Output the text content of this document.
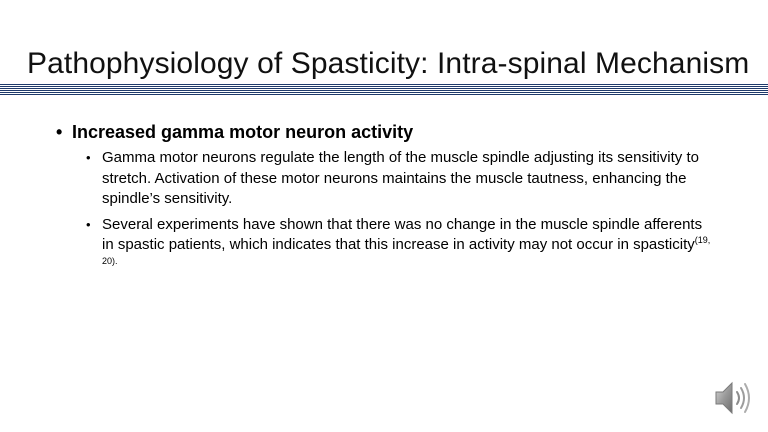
Pathophysiology of Spasticity: Intra-spinal Mechanism
• Increased gamma motor neuron activity
• Gamma motor neurons regulate the length of the muscle spindle adjusting its sensitivity to stretch. Activation of these motor neurons maintains the muscle tautness, enhancing the spindle’s sensitivity.
• Several experiments have shown that there was no change in the muscle spindle afferents in spastic patients, which indicates that this increase in activity may not occur in spasticity$^{(19, 20).}$
